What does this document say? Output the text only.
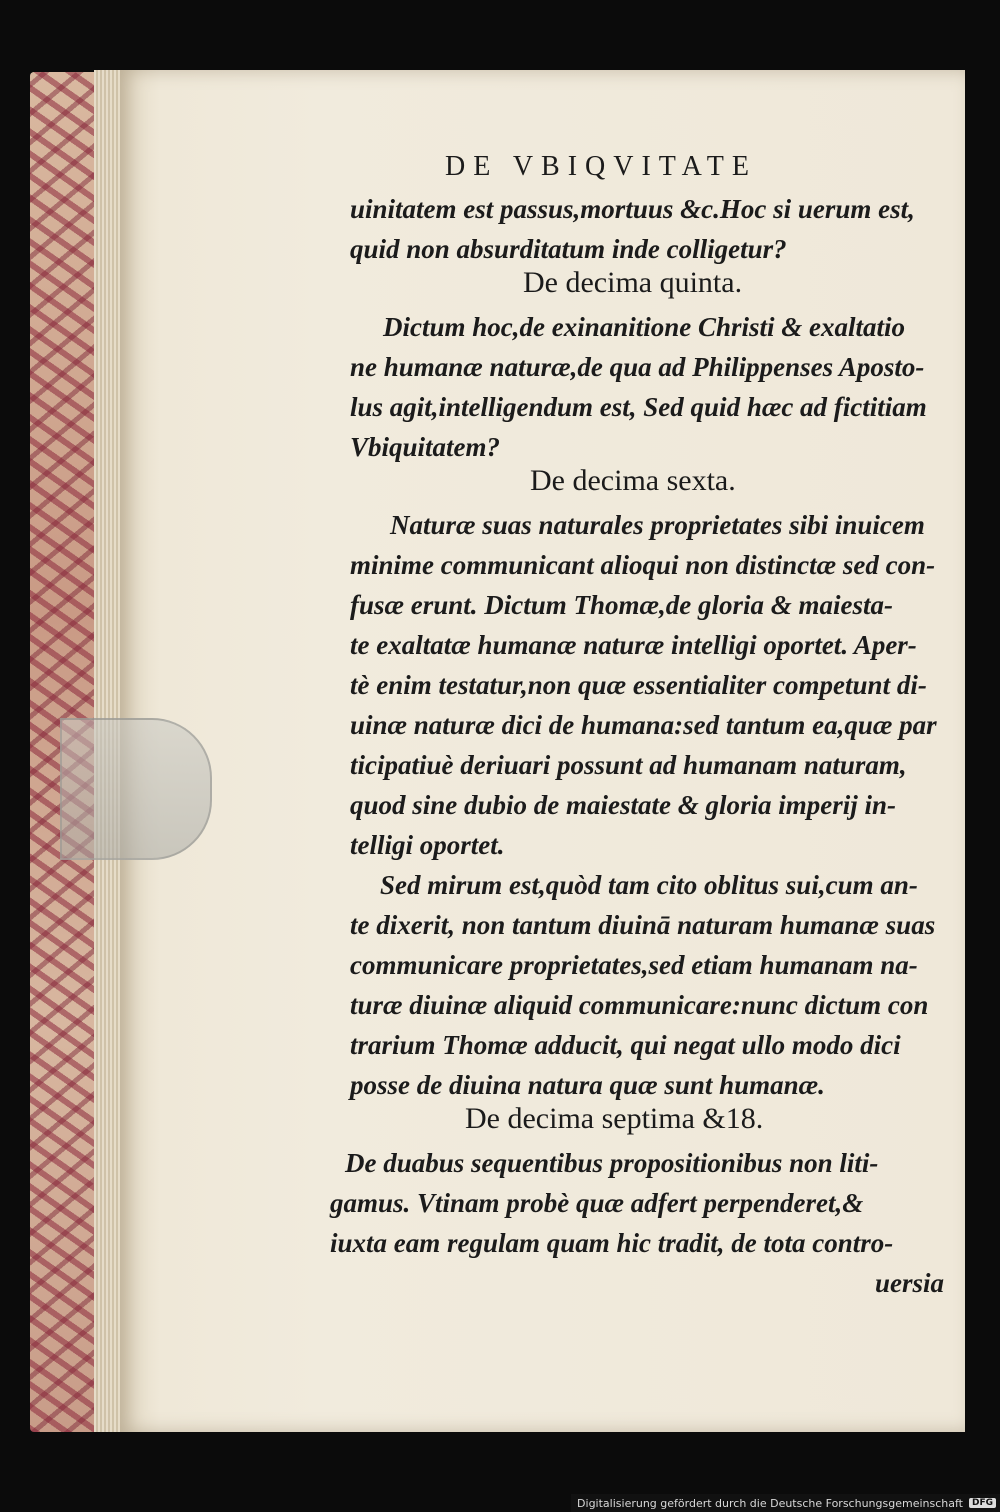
DE VBIQVITATE
uinitatem est passus,mortuus &c.Hoc si uerum est,
quid non absurditatum inde colligetur?
De decima quinta.
Dictum hoc,de exinanitione Christi & exaltatio
ne humanæ naturæ,de qua ad Philippenses Aposto-
lus agit,intelligendum est, Sed quid hæc ad fictitiam
Vbiquitatem?
De decima sexta.
Naturæ suas naturales proprietates sibi inuicem
minime communicant alioqui non distinctæ sed con-
fusæ erunt. Dictum Thomæ,de gloria & maiesta-
te exaltatæ humanæ naturæ intelligi oportet. Aper-
tè enim testatur,non quæ essentialiter competunt di-
uinæ naturæ dici de humana:sed tantum ea,quæ par
ticipatiuè deriuari possunt ad humanam naturam,
quod sine dubio de maiestate & gloria imperij in-
telligi oportet.
Sed mirum est,quòd tam cito oblitus sui,cum an-
te dixerit, non tantum diuinā naturam humanæ suas
communicare proprietates,sed etiam humanam na-
turæ diuinæ aliquid communicare:nunc dictum con
trarium Thomæ adducit, qui negat ullo modo dici
posse de diuina natura quæ sunt humanæ.
De decima septima &18.
De duabus sequentibus propositionibus non liti-
gamus. Vtinam probè quæ adfert perpenderet,&
iuxta eam regulam quam hic tradit, de tota contro-
uersia
Digitalisierung gefördert durch die Deutsche Forschungsgemeinschaft	DFG
